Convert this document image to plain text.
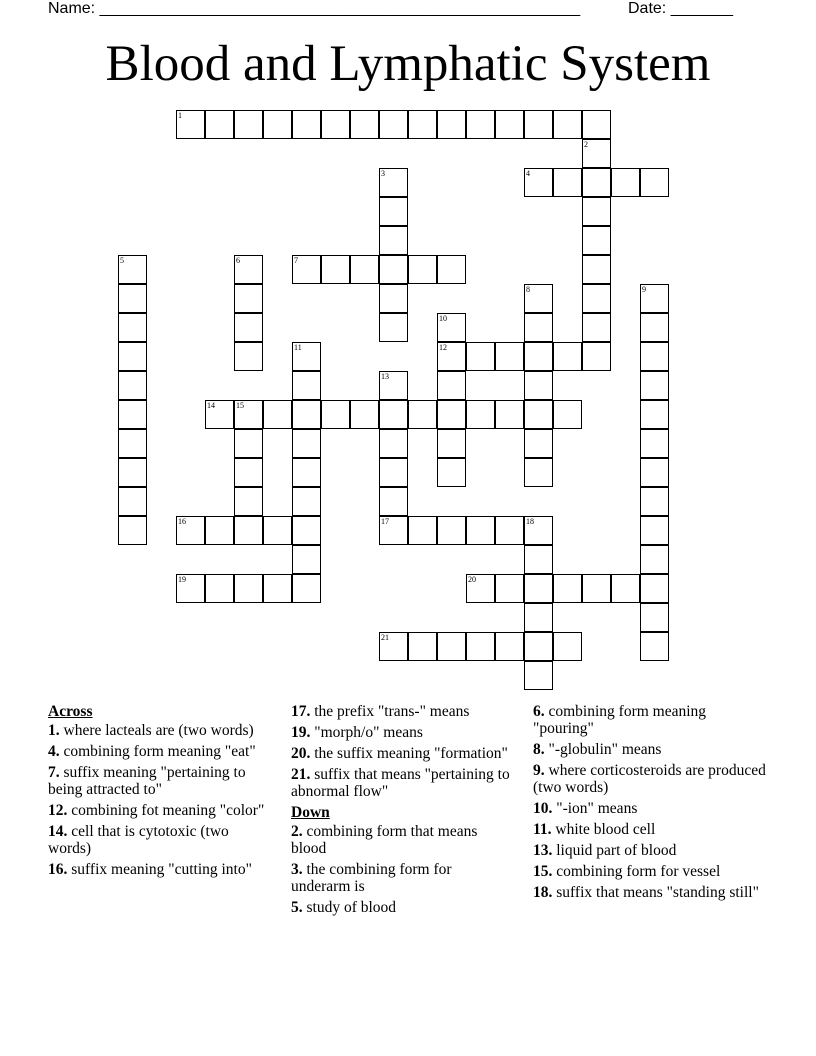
Name: ______________________________________________________	Date: _______
Blood and Lymphatic System
1
2
3	4
5	6	7
8	9
10
11	12
13
14	15
16	17	18
19	20
21
Across
1. where lacteals are (two words)
4. combining form meaning "eat"
7. suffix meaning "pertaining to being attracted to"
12. combining fot meaning "color"
14. cell that is cytotoxic (two words)
16. suffix meaning "cutting into"
17. the prefix "trans-" means
19. "morph/o" means
20. the suffix meaning "formation"
21. suffix that means "pertaining to abnormal flow"
Down
2. combining form that means blood
3. the combining form for underarm is
5. study of blood
6. combining form meaning "pouring"
8. "-globulin" means
9. where corticosteroids are produced (two words)
10. "-ion" means
11. white blood cell
13. liquid part of blood
15. combining form for vessel
18. suffix that means "standing still"
